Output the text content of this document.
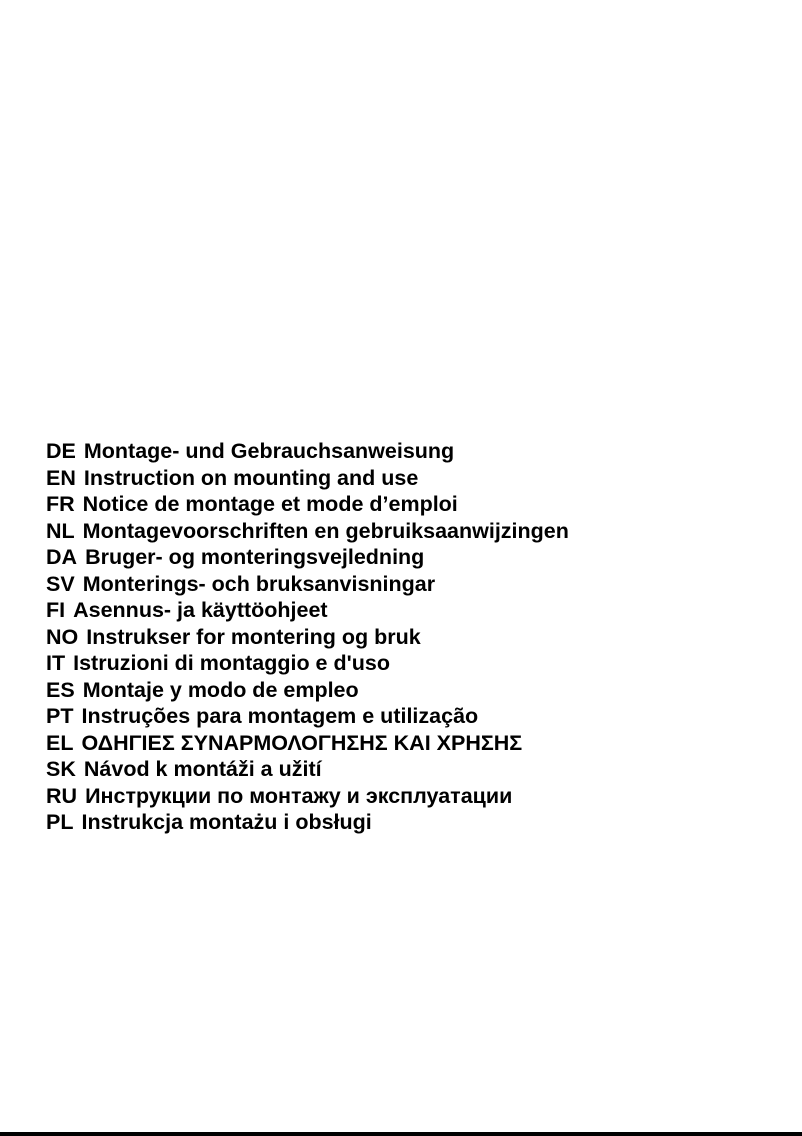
DE Montage- und Gebrauchsanweisung
EN Instruction on mounting and use
FR Notice de montage et mode d’emploi
NL Montagevoorschriften en gebruiksaanwijzingen
DA Bruger- og monteringsvejledning
SV Monterings- och bruksanvisningar
FI Asennus- ja käyttöohjeet
NO Instrukser for montering og bruk
IT Istruzioni di montaggio e d'uso
ES Montaje y modo de empleo
PT Instruções para montagem e utilização
EL ΟΔΗΓΙΕΣ ΣΥΝΑΡΜΟΛΟΓΗΣΗΣ ΚΑΙ ΧΡΗΣΗΣ
SK Návod k montáži a užití
RU Инструкции по монтажу и эксплуатации
PL Instrukcja montażu i obsługi
